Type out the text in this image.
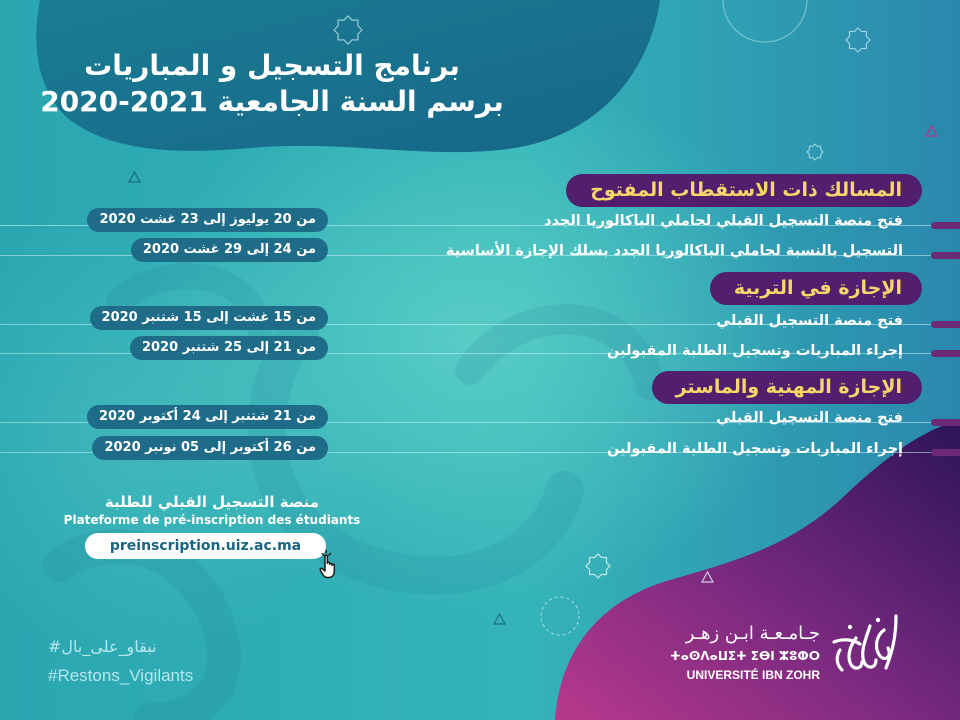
برنامج التسجيل و المباريات
برسم السنة الجامعية 2021-2020
المسالك ذات الاستقطاب المفتوح
فتح منصة التسجيل القبلي لحاملي الباكالوريا الجدد
من 20 يوليوز إلى 23 غشت 2020
التسجيل بالنسبة لحاملي الباكالوريا الجدد بسلك الإجازة الأساسية
من 24 إلى 29 غشت 2020
الإجازة في التربية
فتح منصة التسجيل القبلي
من 15 غشت إلى 15 شتنبر 2020
إجراء المباريات وتسجيل الطلبة المقبولين
من 21 إلى 25 شتنبر 2020
الإجازة المهنية والماستر
فتح منصة التسجيل القبلي
من 21 شتنبر إلى 24 أكتوبر 2020
إجراء المباريات وتسجيل الطلبة المقبولين
من 26 أكتوبر إلى 05 نونبر 2020
منصة التسجيل القبلي للطلبة
Plateforme de pré-inscription des étudiants
preinscription.uiz.ac.ma
#نبقاو_على_بال
#Restons_Vigilants
جـامـعـة ابـن زهـر
ⵜⴰⵙⴷⴰⵡⵉⵜ ⵉⴱⵏ ⵣⵓⵀⵔ
UNIVERSITÉ IBN ZOHR
